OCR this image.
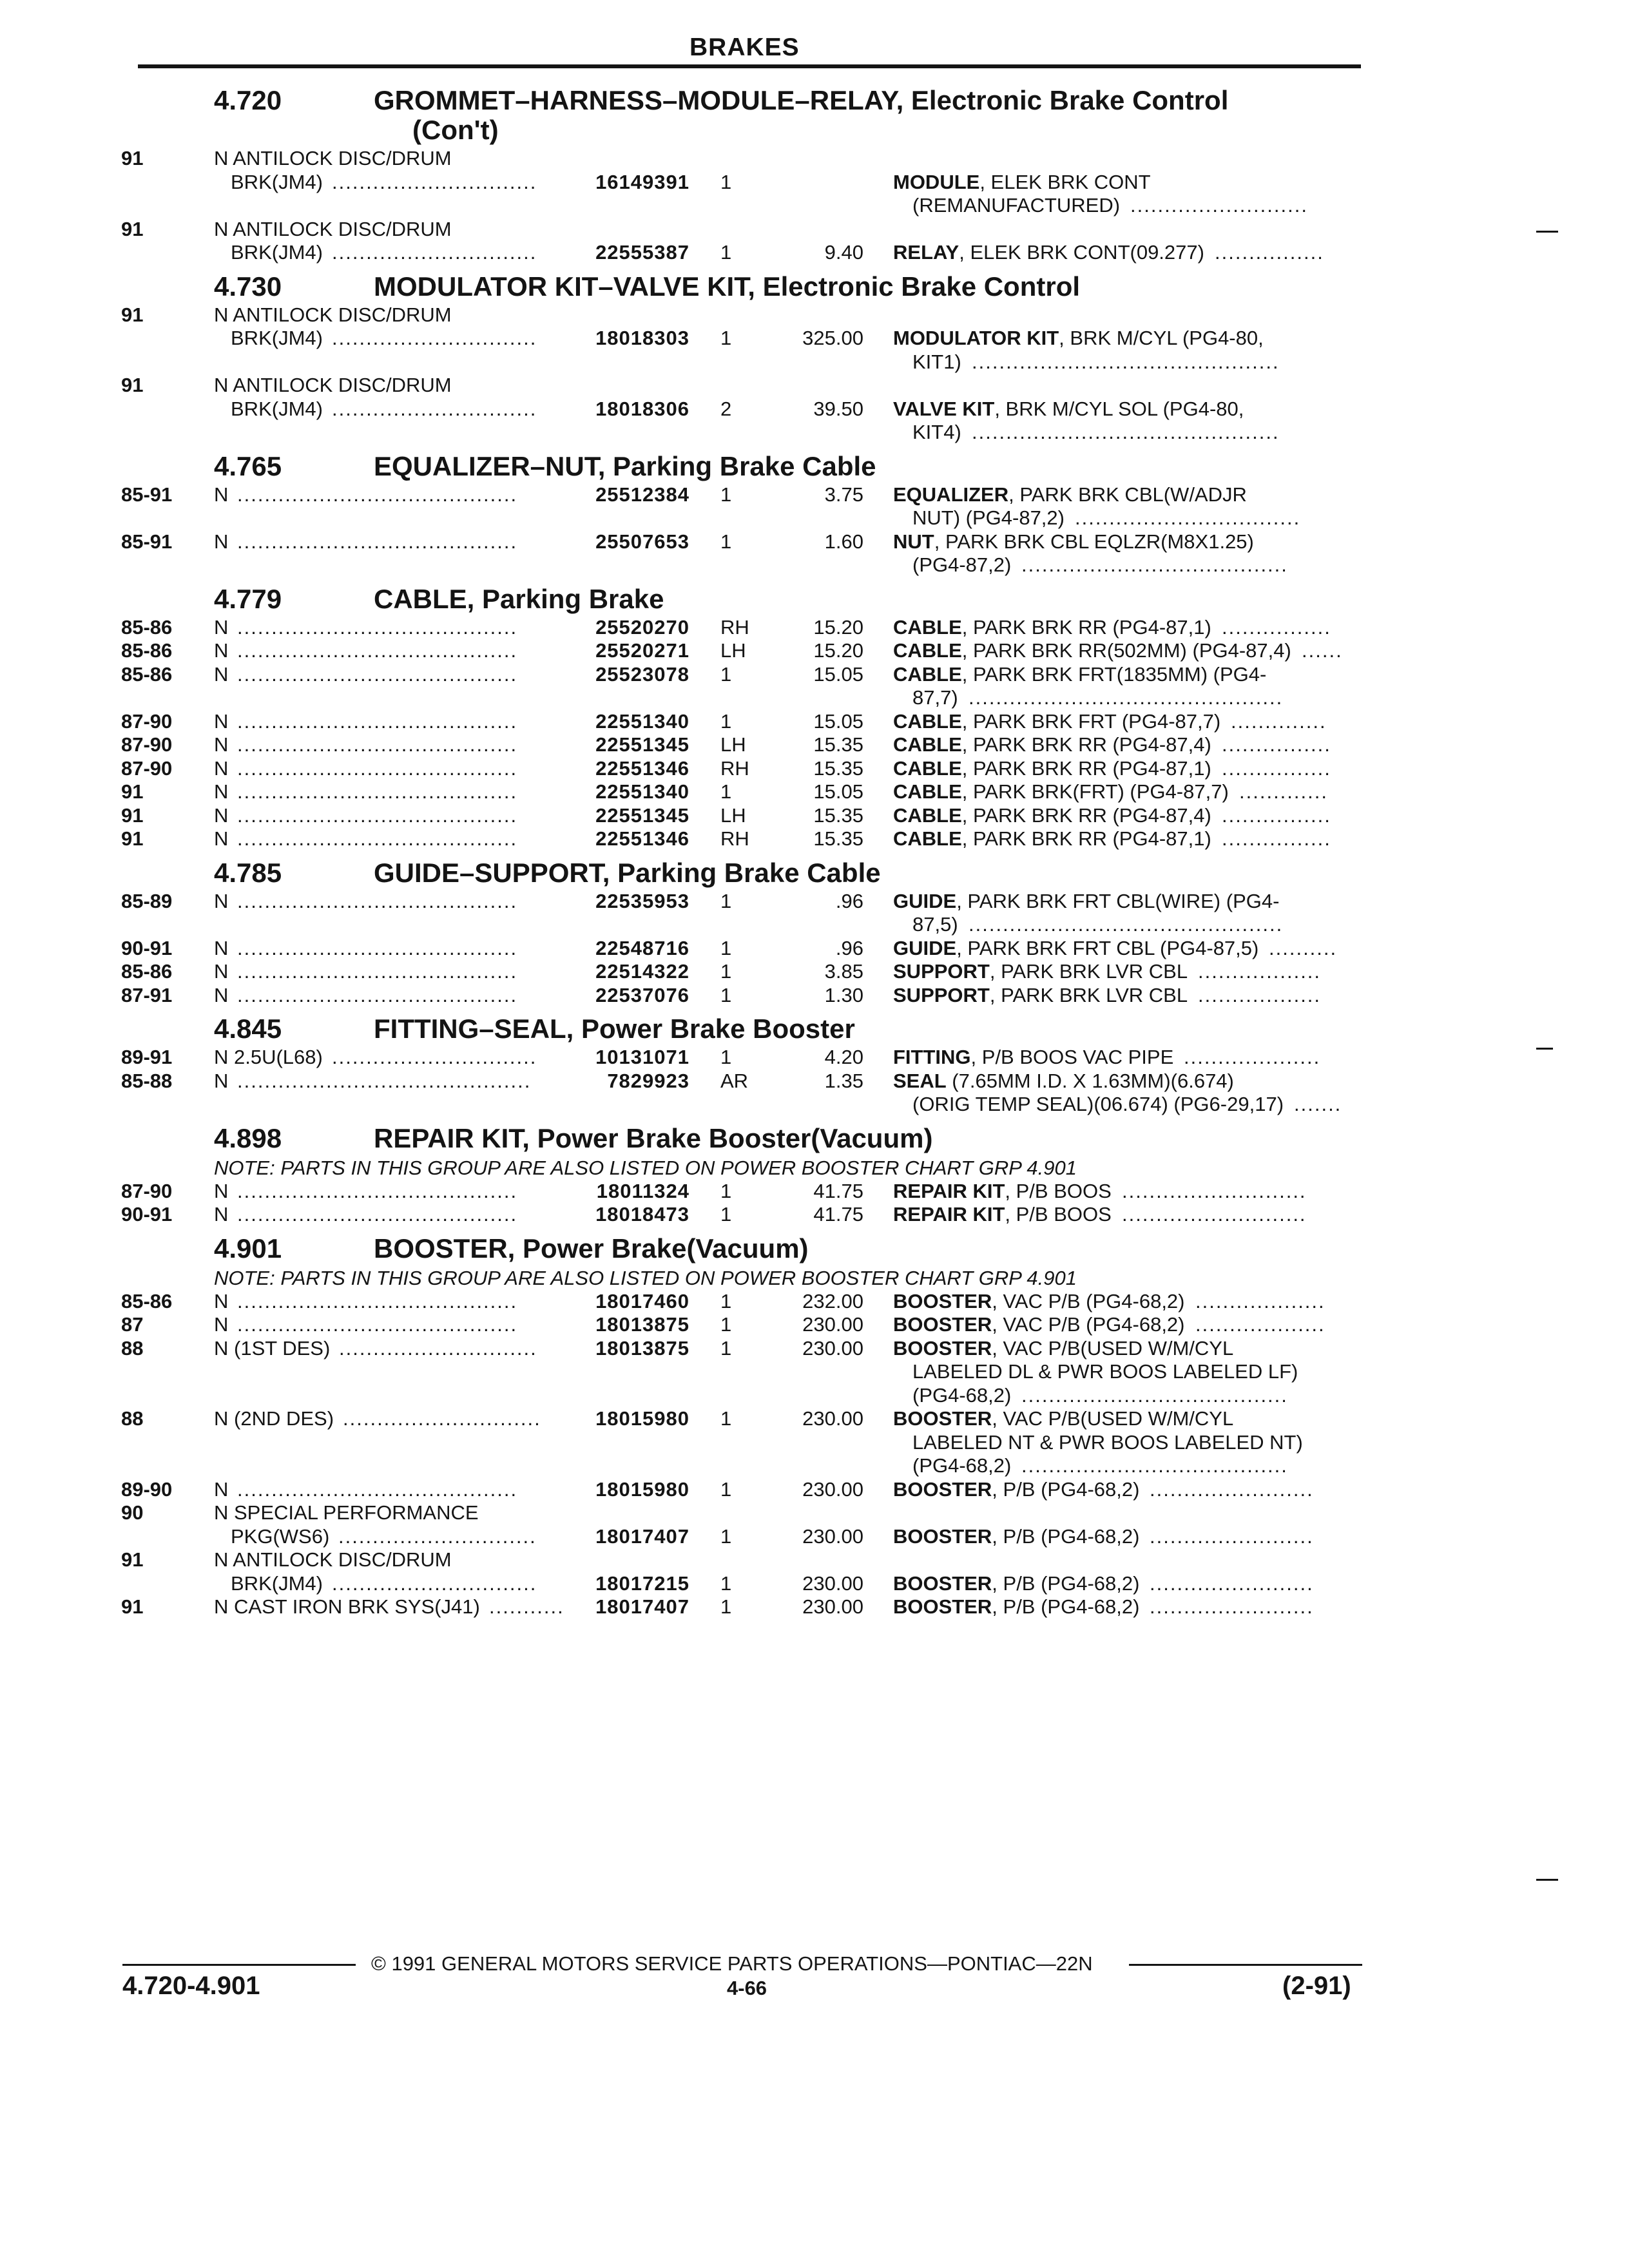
BRAKES
4.720	GROMMET–HARNESS–MODULE–RELAY, Electronic Brake Control
(Con't)
91	N ANTILOCK DISC/DRUM
BRK(JM4) ..............................	16149391 1	MODULE, ELEK BRK CONT
(REMANUFACTURED) ..........................
91	N ANTILOCK DISC/DRUM
BRK(JM4) ..............................	22555387 1	9.40 RELAY, ELEK BRK CONT(09.277) ................
4.730	MODULATOR KIT–VALVE KIT, Electronic Brake Control
91	N ANTILOCK DISC/DRUM
BRK(JM4) ..............................	18018303 1	325.00 MODULATOR KIT, BRK M/CYL (PG4-80,
KIT1) .............................................
91	N ANTILOCK DISC/DRUM
BRK(JM4) ..............................	18018306 2	39.50 VALVE KIT, BRK M/CYL SOL (PG4-80,
KIT4) .............................................
4.765	EQUALIZER–NUT, Parking Brake Cable
85-91 N .........................................	25512384 1	3.75 EQUALIZER, PARK BRK CBL(W/ADJR
NUT) (PG4-87,2) .................................
85-91 N .........................................	25507653 1	1.60 NUT, PARK BRK CBL EQLZR(M8X1.25)
(PG4-87,2) .......................................
4.779	CABLE, Parking Brake
85-86 N .........................................	25520270 RH	15.20 CABLE, PARK BRK RR (PG4-87,1) ................
85-86 N .........................................	25520271 LH	15.20 CABLE, PARK BRK RR(502MM) (PG4-87,4) ......
85-86 N .........................................	25523078 1	15.05 CABLE, PARK BRK FRT(1835MM) (PG4-
87,7) ..............................................
87-90 N .........................................	22551340 1	15.05 CABLE, PARK BRK FRT (PG4-87,7) ..............
87-90 N .........................................	22551345 LH	15.35 CABLE, PARK BRK RR (PG4-87,4) ................
87-90 N .........................................	22551346 RH	15.35 CABLE, PARK BRK RR (PG4-87,1) ................
91	N .........................................	22551340 1	15.05 CABLE, PARK BRK(FRT) (PG4-87,7) .............
91	N .........................................	22551345 LH	15.35 CABLE, PARK BRK RR (PG4-87,4) ................
91	N .........................................	22551346 RH	15.35 CABLE, PARK BRK RR (PG4-87,1) ................
4.785	GUIDE–SUPPORT, Parking Brake Cable
85-89 N .........................................	22535953 1	.96 GUIDE, PARK BRK FRT CBL(WIRE) (PG4-
87,5) ..............................................
90-91 N .........................................	22548716 1	.96 GUIDE, PARK BRK FRT CBL (PG4-87,5) ..........
85-86 N .........................................	22514322 1	3.85 SUPPORT, PARK BRK LVR CBL ..................
87-91 N .........................................	22537076 1	1.30 SUPPORT, PARK BRK LVR CBL ..................
4.845	FITTING–SEAL, Power Brake Booster
89-91 N 2.5U(L68) ..............................	10131071 1	4.20 FITTING, P/B BOOS VAC PIPE ....................
85-88 N ...........................................	7829923 AR	1.35 SEAL (7.65MM I.D. X 1.63MM)(6.674)
(ORIG TEMP SEAL)(06.674) (PG6-29,17) .......
4.898	REPAIR KIT, Power Brake Booster(Vacuum)
NOTE: PARTS IN THIS GROUP ARE ALSO LISTED ON POWER BOOSTER CHART GRP 4.901
87-90 N .........................................	18011324 1	41.75 REPAIR KIT, P/B BOOS ...........................
90-91 N .........................................	18018473 1	41.75 REPAIR KIT, P/B BOOS ...........................
4.901	BOOSTER, Power Brake(Vacuum)
NOTE: PARTS IN THIS GROUP ARE ALSO LISTED ON POWER BOOSTER CHART GRP 4.901
85-86 N .........................................	18017460 1	232.00 BOOSTER, VAC P/B (PG4-68,2) ...................
87	N .........................................	18013875 1	230.00 BOOSTER, VAC P/B (PG4-68,2) ...................
88	N (1ST DES) .............................	18013875 1	230.00 BOOSTER, VAC P/B(USED W/M/CYL
LABELED DL & PWR BOOS LABELED LF)
(PG4-68,2) .......................................
88	N (2ND DES) .............................	18015980 1	230.00 BOOSTER, VAC P/B(USED W/M/CYL
LABELED NT & PWR BOOS LABELED NT)
(PG4-68,2) .......................................
89-90 N .........................................	18015980 1	230.00 BOOSTER, P/B (PG4-68,2) ........................
90	N SPECIAL PERFORMANCE
PKG(WS6) .............................	18017407 1	230.00 BOOSTER, P/B (PG4-68,2) ........................
91	N ANTILOCK DISC/DRUM
BRK(JM4) ..............................	18017215 1	230.00 BOOSTER, P/B (PG4-68,2) ........................
91	N CAST IRON BRK SYS(J41) ........... 18017407 1	230.00 BOOSTER, P/B (PG4-68,2) ........................
© 1991 GENERAL MOTORS SERVICE PARTS OPERATIONS—PONTIAC—22N
4.720-4.901	4-66	(2-91)
